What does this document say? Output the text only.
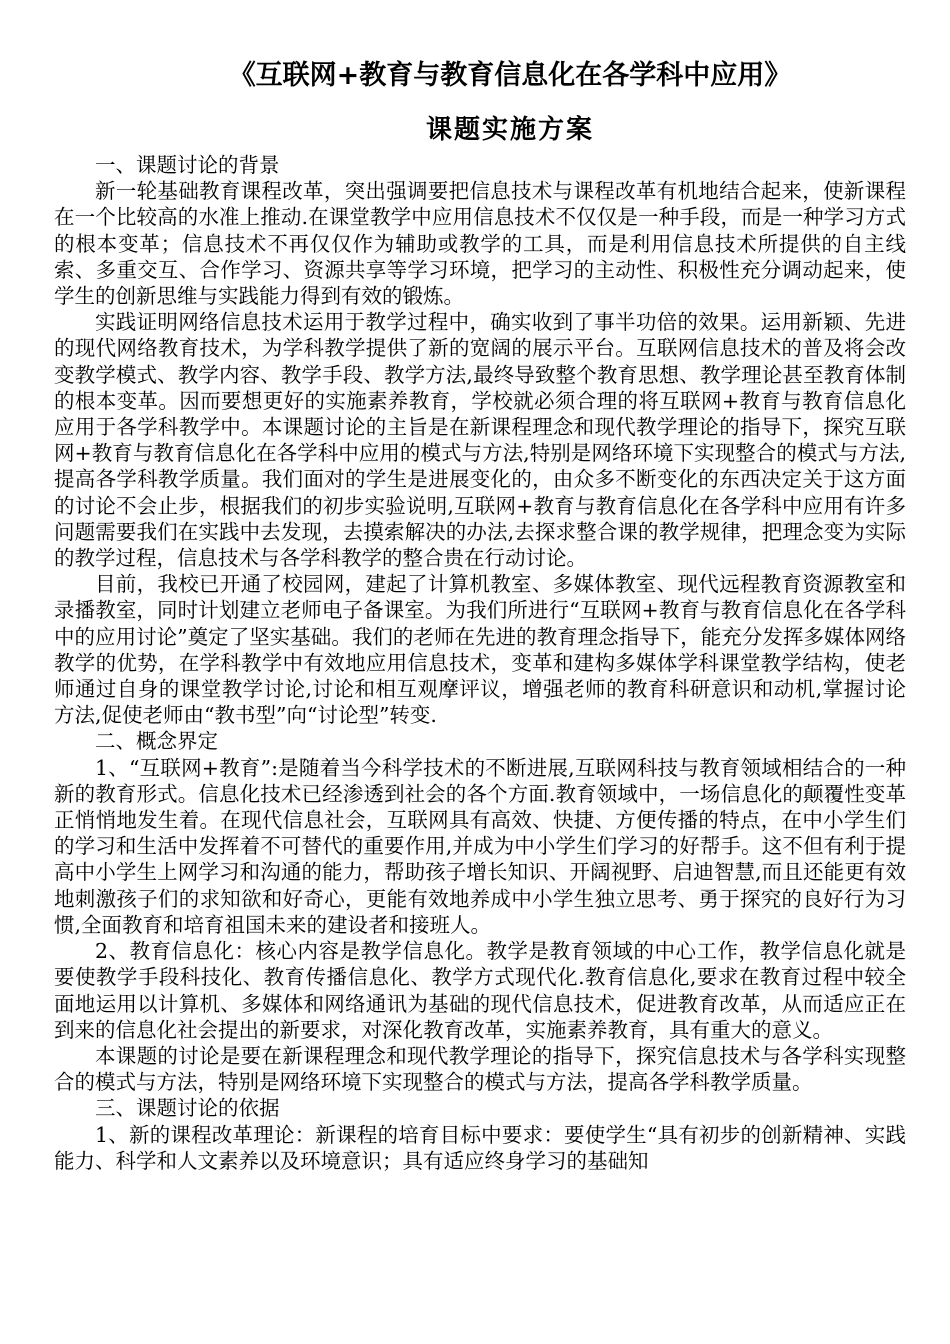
《互联网+教育与教育信息化在各学科中应用》
课题实施方案

一、课题讨论的背景

新一轮基础教育课程改革，突出强调要把信息技术与课程改革有机地结合起来，使新课程在一个比较高的水准上推动.在课堂教学中应用信息技术不仅仅是一种手段，而是一种学习方式的根本变革；信息技术不再仅仅作为辅助或教学的工具，而是利用信息技术所提供的自主线索、多重交互、合作学习、资源共享等学习环境，把学习的主动性、积极性充分调动起来，使学生的创新思维与实践能力得到有效的锻炼。

实践证明网络信息技术运用于教学过程中，确实收到了事半功倍的效果。运用新颖、先进的现代网络教育技术，为学科教学提供了新的宽阔的展示平台。互联网信息技术的普及将会改变教学模式、教学内容、教学手段、教学方法,最终导致整个教育思想、教学理论甚至教育体制的根本变革。因而要想更好的实施素养教育，学校就必须合理的将互联网+教育与教育信息化应用于各学科教学中。本课题讨论的主旨是在新课程理念和现代教学理论的指导下，探究互联网+教育与教育信息化在各学科中应用的模式与方法,特别是网络环境下实现整合的模式与方法,提高各学科教学质量。我们面对的学生是进展变化的，由众多不断变化的东西决定关于这方面的讨论不会止步，根据我们的初步实验说明,互联网+教育与教育信息化在各学科中应用有许多问题需要我们在实践中去发现，去摸索解决的办法,去探求整合课的教学规律，把理念变为实际的教学过程，信息技术与各学科教学的整合贵在行动讨论。

目前，我校已开通了校园网，建起了计算机教室、多媒体教室、现代远程教育资源教室和录播教室，同时计划建立老师电子备课室。为我们所进行“互联网+教育与教育信息化在各学科中的应用讨论”奠定了坚实基础。我们的老师在先进的教育理念指导下，能充分发挥多媒体网络教学的优势，在学科教学中有效地应用信息技术，变革和建构多媒体学科课堂教学结构，使老师通过自身的课堂教学讨论,讨论和相互观摩评议，增强老师的教育科研意识和动机,掌握讨论方法,促使老师由“教书型”向“讨论型”转变.

二、概念界定

1、“互联网+教育”:是随着当今科学技术的不断进展,互联网科技与教育领域相结合的一种新的教育形式。信息化技术已经渗透到社会的各个方面.教育领域中，一场信息化的颠覆性变革正悄悄地发生着。在现代信息社会，互联网具有高效、快捷、方便传播的特点，在中小学生们的学习和生活中发挥着不可替代的重要作用,并成为中小学生们学习的好帮手。这不但有利于提高中小学生上网学习和沟通的能力，帮助孩子增长知识、开阔视野、启迪智慧,而且还能更有效地刺激孩子们的求知欲和好奇心，更能有效地养成中小学生独立思考、勇于探究的良好行为习惯,全面教育和培育祖国未来的建设者和接班人。

2、教育信息化：核心内容是教学信息化。教学是教育领域的中心工作，教学信息化就是要使教学手段科技化、教育传播信息化、教学方式现代化.教育信息化,要求在教育过程中较全面地运用以计算机、多媒体和网络通讯为基础的现代信息技术，促进教育改革，从而适应正在到来的信息化社会提出的新要求，对深化教育改革，实施素养教育，具有重大的意义。

本课题的讨论是要在新课程理念和现代教学理论的指导下，探究信息技术与各学科实现整合的模式与方法，特别是网络环境下实现整合的模式与方法，提高各学科教学质量。

三、课题讨论的依据

1、新的课程改革理论：新课程的培育目标中要求：要使学生“具有初步的创新精神、实践能力、科学和人文素养以及环境意识；具有适应终身学习的基础知
